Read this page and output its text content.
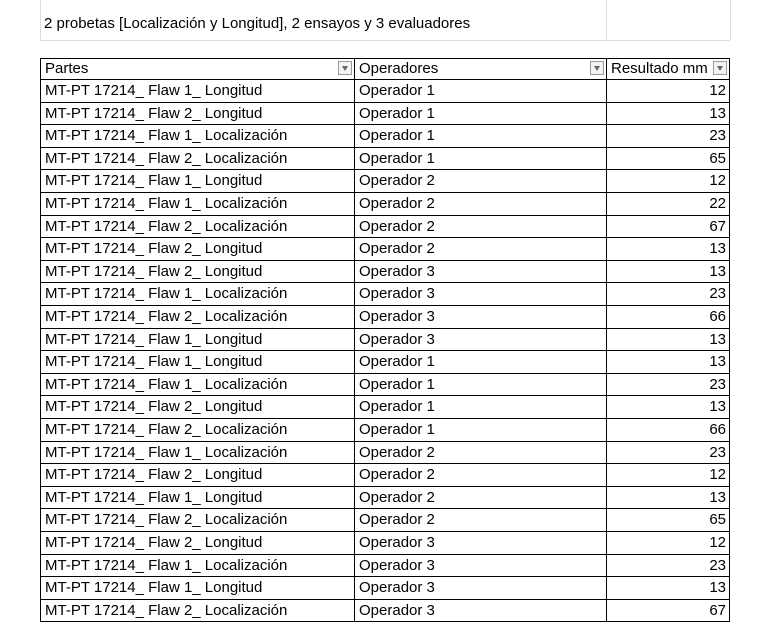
2 probetas [Localización y Longitud], 2 ensayos y 3 evaluadores
Partes	Operadores	Resultado mm
MT-PT 17214_ Flaw 1_ Longitud	Operador 1	12
MT-PT 17214_ Flaw 2_ Longitud	Operador 1	13
MT-PT 17214_ Flaw 1_ Localización	Operador 1	23
MT-PT 17214_ Flaw 2_ Localización	Operador 1	65
MT-PT 17214_ Flaw 1_ Longitud	Operador 2	12
MT-PT 17214_ Flaw 1_ Localización	Operador 2	22
MT-PT 17214_ Flaw 2_ Localización	Operador 2	67
MT-PT 17214_ Flaw 2_ Longitud	Operador 2	13
MT-PT 17214_ Flaw 2_ Longitud	Operador 3	13
MT-PT 17214_ Flaw 1_ Localización	Operador 3	23
MT-PT 17214_ Flaw 2_ Localización	Operador 3	66
MT-PT 17214_ Flaw 1_ Longitud	Operador 3	13
MT-PT 17214_ Flaw 1_ Longitud	Operador 1	13
MT-PT 17214_ Flaw 1_ Localización	Operador 1	23
MT-PT 17214_ Flaw 2_ Longitud	Operador 1	13
MT-PT 17214_ Flaw 2_ Localización	Operador 1	66
MT-PT 17214_ Flaw 1_ Localización	Operador 2	23
MT-PT 17214_ Flaw 2_ Longitud	Operador 2	12
MT-PT 17214_ Flaw 1_ Longitud	Operador 2	13
MT-PT 17214_ Flaw 2_ Localización	Operador 2	65
MT-PT 17214_ Flaw 2_ Longitud	Operador 3	12
MT-PT 17214_ Flaw 1_ Localización	Operador 3	23
MT-PT 17214_ Flaw 1_ Longitud	Operador 3	13
MT-PT 17214_ Flaw 2_ Localización	Operador 3	67
